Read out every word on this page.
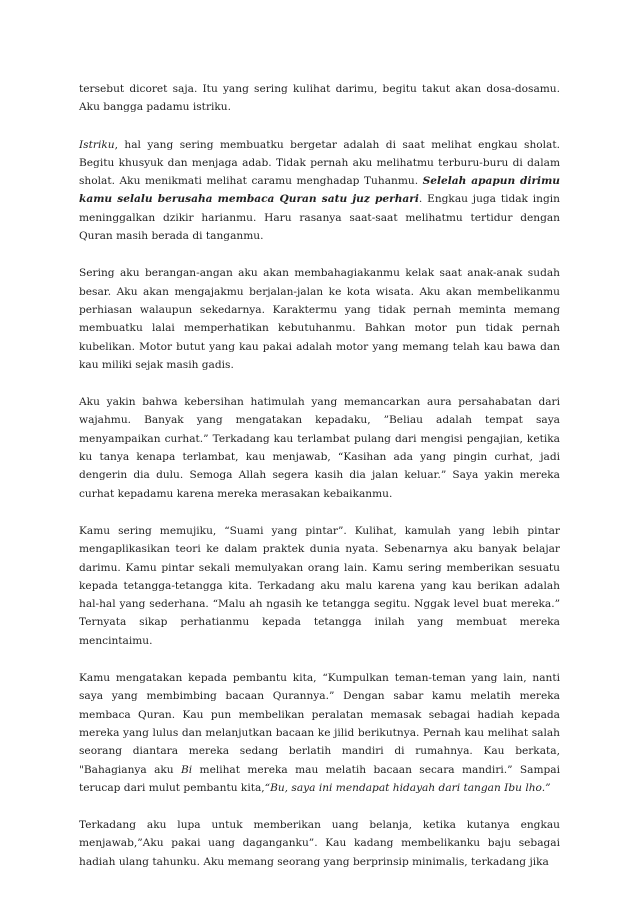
tersebut dicoret saja. Itu yang sering kulihat darimu, begitu takut akan dosa-dosamu. Aku bangga padamu istriku.

Istriku, hal yang sering membuatku bergetar adalah di saat melihat engkau sholat. Begitu khusyuk dan menjaga adab. Tidak pernah aku melihatmu terburu-buru di dalam sholat. Aku menikmati melihat caramu menghadap Tuhanmu. Selelah apapun dirimu kamu selalu berusaha membaca Quran satu juz perhari. Engkau juga tidak ingin meninggalkan dzikir harianmu. Haru rasanya saat-saat melihatmu tertidur dengan Quran masih berada di tanganmu.

Sering aku berangan-angan aku akan membahagiakanmu kelak saat anak-anak sudah besar. Aku akan mengajakmu berjalan-jalan ke kota wisata. Aku akan membelikanmu perhiasan walaupun sekedarnya. Karaktermu yang tidak pernah meminta memang membuatku lalai memperhatikan kebutuhanmu. Bahkan motor pun tidak pernah kubelikan. Motor butut yang kau pakai adalah motor yang memang telah kau bawa dan kau miliki sejak masih gadis.

Aku yakin bahwa kebersihan hatimulah yang memancarkan aura persahabatan dari wajahmu. Banyak yang mengatakan kepadaku, ”Beliau adalah tempat saya menyampaikan curhat.” Terkadang kau terlambat pulang dari mengisi pengajian, ketika ku tanya kenapa terlambat, kau menjawab, “Kasihan ada yang pingin curhat, jadi dengerin dia dulu. Semoga Allah segera kasih dia jalan keluar.” Saya yakin mereka curhat kepadamu karena mereka merasakan kebaikanmu.

Kamu sering memujiku, “Suami yang pintar”. Kulihat, kamulah yang lebih pintar mengaplikasikan teori ke dalam praktek dunia nyata. Sebenarnya aku banyak belajar darimu. Kamu pintar sekali memulyakan orang lain. Kamu sering memberikan sesuatu kepada tetangga-tetangga kita. Terkadang aku malu karena yang kau berikan adalah hal-hal yang sederhana. “Malu ah ngasih ke tetangga segitu. Nggak level buat mereka.” Ternyata sikap perhatianmu kepada tetangga inilah yang membuat mereka mencintaimu.

Kamu mengatakan kepada pembantu kita, “Kumpulkan teman-teman yang lain, nanti saya yang membimbing bacaan Qurannya.” Dengan sabar kamu melatih mereka membaca Quran. Kau pun membelikan peralatan memasak sebagai hadiah kepada mereka yang lulus dan melanjutkan bacaan ke jilid berikutnya. Pernah kau melihat salah seorang diantara mereka sedang berlatih mandiri di rumahnya. Kau berkata, "Bahagianya aku Bi melihat mereka mau melatih bacaan secara mandiri.” Sampai terucap dari mulut pembantu kita,“Bu, saya ini mendapat hidayah dari tangan Ibu lho.”

Terkadang aku lupa untuk memberikan uang belanja, ketika kutanya engkau menjawab,”Aku pakai uang daganganku”. Kau kadang membelikanku baju sebagai hadiah ulang tahunku. Aku memang seorang yang berprinsip minimalis, terkadang jika
